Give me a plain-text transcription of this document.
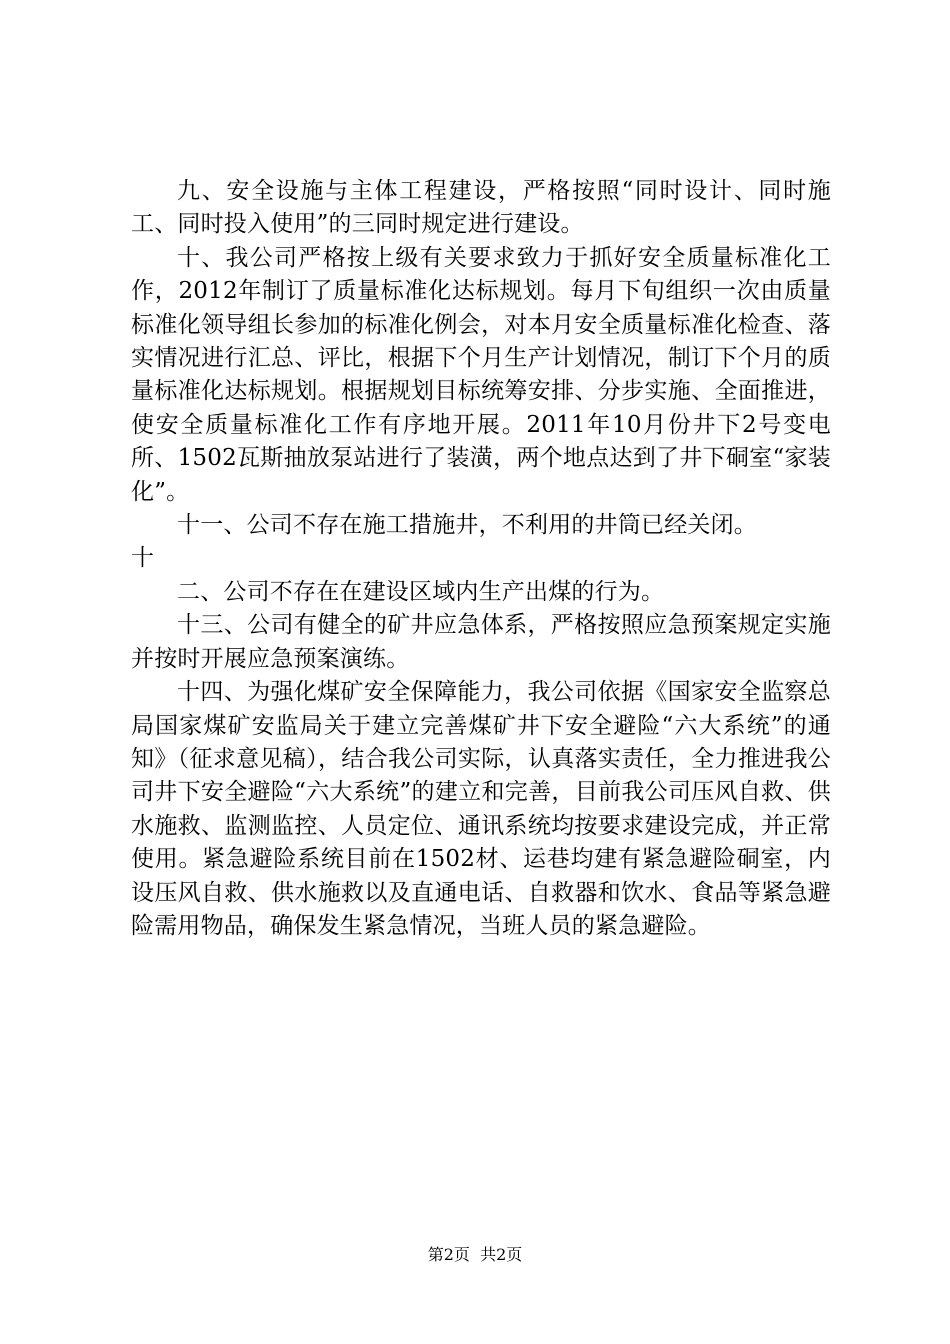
九、安全设施与主体工程建设，严格按照“同时设计、同时施工、同时投入使用”的三同时规定进行建设。

十、我公司严格按上级有关要求致力于抓好安全质量标准化工作，2012年制订了质量标准化达标规划。每月下旬组织一次由质量标准化领导组长参加的标准化例会，对本月安全质量标准化检查、落实情况进行汇总、评比，根据下个月生产计划情况，制订下个月的质量标准化达标规划。根据规划目标统筹安排、分步实施、全面推进，使安全质量标准化工作有序地开展。2011年10月份井下2号变电所、1502瓦斯抽放泵站进行了装潢，两个地点达到了井下硐室“家装化”。

十一、公司不存在施工措施井，不利用的井筒已经关闭。

十

二、公司不存在在建设区域内生产出煤的行为。

十三、公司有健全的矿井应急体系，严格按照应急预案规定实施并按时开展应急预案演练。

十四、为强化煤矿安全保障能力，我公司依据《国家安全监察总局国家煤矿安监局关于建立完善煤矿井下安全避险“六大系统”的通知》（征求意见稿），结合我公司实际，认真落实责任，全力推进我公司井下安全避险“六大系统”的建立和完善，目前我公司压风自救、供水施救、监测监控、人员定位、通讯系统均按要求建设完成，并正常使用。紧急避险系统目前在1502材、运巷均建有紧急避险硐室，内设压风自救、供水施救以及直通电话、自救器和饮水、食品等紧急避险需用物品，确保发生紧急情况，当班人员的紧急避险。

第2页 共2页
